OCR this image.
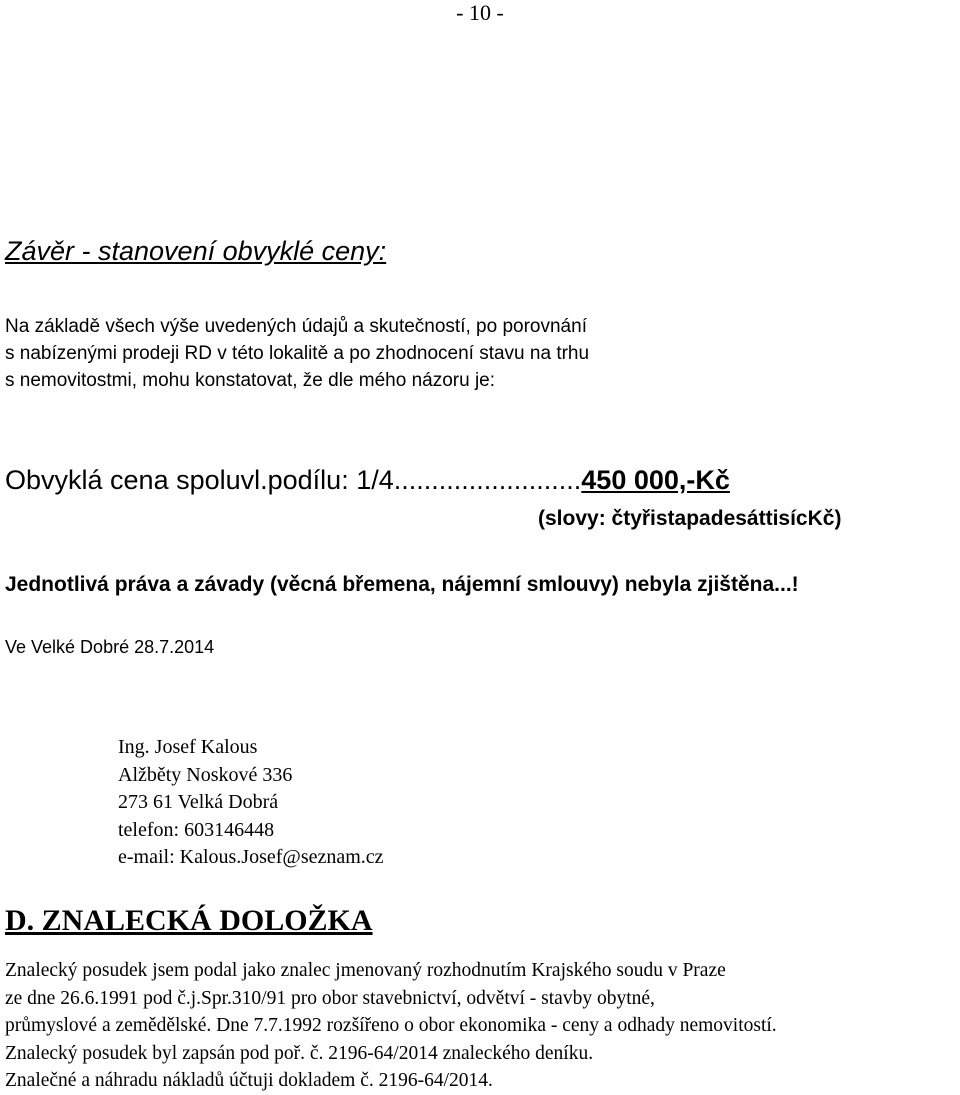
- 10 -
Závěr - stanovení obvyklé ceny:
Na základě všech výše uvedených údajů a skutečností, po porovnání
s nabízenými prodeji RD v této lokalitě a po zhodnocení stavu na trhu
s nemovitostmi, mohu konstatovat, že dle mého názoru je:
Obvyklá cena spoluvl.podílu: 1/4.........................450 000,-Kč
(slovy: čtyřistapadesáttisícKč)
Jednotlivá práva a závady (věcná břemena, nájemní smlouvy) nebyla zjištěna...!
Ve Velké Dobré 28.7.2014
Ing. Josef Kalous
Alžběty Noskové 336
273 61 Velká Dobrá
telefon: 603146448
e-mail: Kalous.Josef@seznam.cz
D. ZNALECKÁ DOLOŽKA
Znalecký posudek jsem podal jako znalec jmenovaný rozhodnutím Krajského soudu v Praze
ze dne 26.6.1991 pod č.j.Spr.310/91 pro obor stavebnictví, odvětví - stavby obytné,
průmyslové a zemědělské. Dne 7.7.1992 rozšířeno o obor ekonomika - ceny a odhady nemovitostí.
Znalecký posudek byl zapsán pod poř. č. 2196-64/2014 znaleckého deníku.
Znalečné a náhradu nákladů účtuji dokladem č. 2196-64/2014.
